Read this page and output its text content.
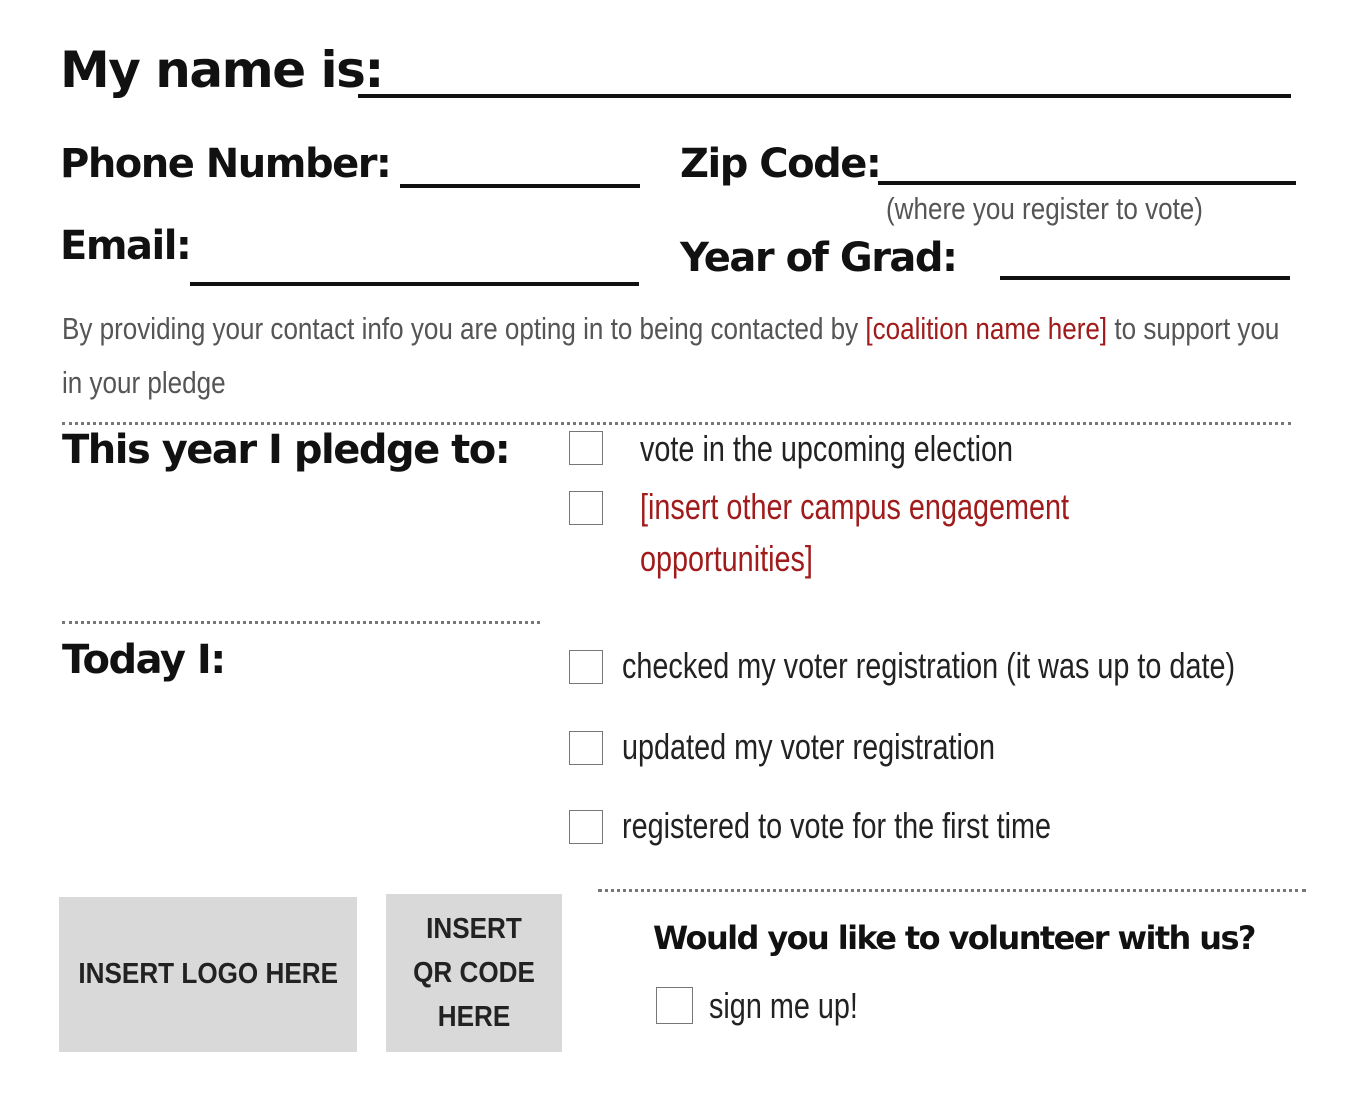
My name is:
Phone Number:	Zip Code:
(where you register to vote)
Email:	Year of Grad:
By providing your contact info you are opting in to being contacted by [coalition name here] to support you in your pledge
This year I pledge to:	vote in the upcoming election
[insert other campus engagement
opportunities]
Today I:	checked my voter registration (it was up to date)
updated my voter registration
registered to vote for the first time
INSERT LOGO HERE
INSERT QR CODE HERE
Would you like to volunteer with us?
sign me up!
